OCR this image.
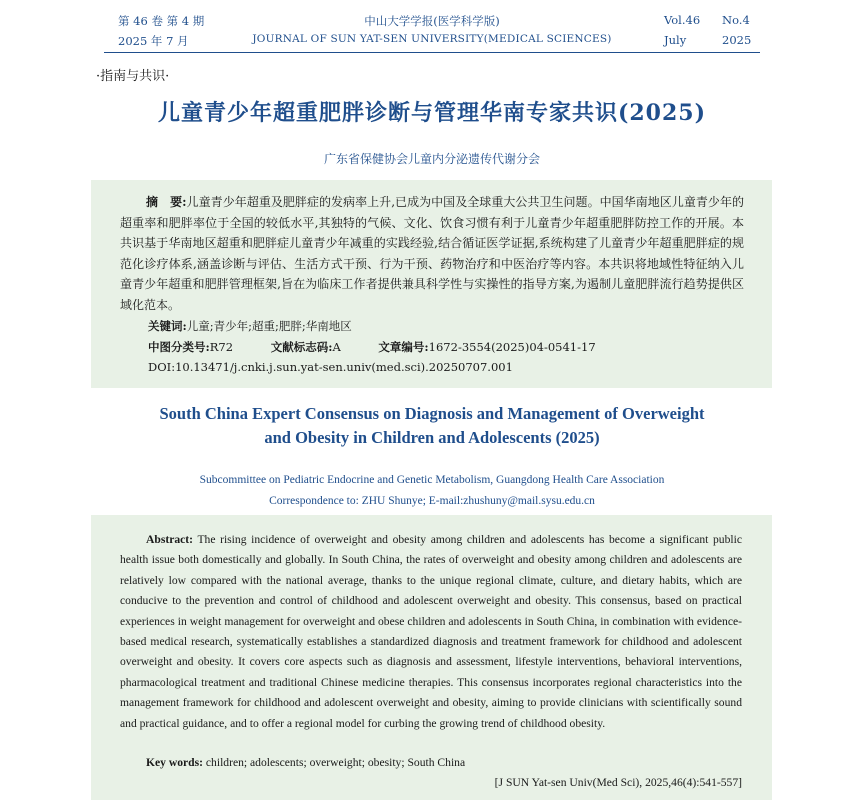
第 46 卷 第 4 期
2025 年 7 月
中山大学学报(医学科学版)
JOURNAL OF SUN YAT-SEN UNIVERSITY(MEDICAL SCIENCES)
Vol.46 No.4
July	2025
·指南与共识·
儿童青少年超重肥胖诊断与管理华南专家共识(2025)
广东省保健协会儿童内分泌遗传代谢分会
摘　要:儿童青少年超重及肥胖症的发病率上升,已成为中国及全球重大公共卫生问题。中国华南地区儿童青少年的超重率和肥胖率位于全国的较低水平,其独特的气候、文化、饮食习惯有利于儿童青少年超重肥胖防控工作的开展。本共识基于华南地区超重和肥胖症儿童青少年减重的实践经验,结合循证医学证据,系统构建了儿童青少年超重肥胖症的规范化诊疗体系,涵盖诊断与评估、生活方式干预、行为干预、药物治疗和中医治疗等内容。本共识将地域性特征纳入儿童青少年超重和肥胖管理框架,旨在为临床工作者提供兼具科学性与实操性的指导方案,为遏制儿童肥胖流行趋势提供区域化范本。
关键词:儿童;青少年;超重;肥胖;华南地区
中图分类号:R72	文献标志码:A	文章编号:1672-3554(2025)04-0541-17
DOI:10.13471/j.cnki.j.sun.yat-sen.univ(med.sci).20250707.001
South China Expert Consensus on Diagnosis and Management of Overweight
and Obesity in Children and Adolescents (2025)
Subcommittee on Pediatric Endocrine and Genetic Metabolism, Guangdong Health Care Association
Correspondence to: ZHU Shunye; E-mail:zhushuny@mail.sysu.edu.cn
Abstract: The rising incidence of overweight and obesity among children and adolescents has become a significant public health issue both domestically and globally. In South China, the rates of overweight and obesity among children and adolescents are relatively low compared with the national average, thanks to the unique regional climate, culture, and dietary habits, which are conducive to the prevention and control of childhood and adolescent overweight and obesity. This consensus, based on practical experiences in weight management for overweight and obese children and adolescents in South China, in combination with evidence-based medical research, systematically establishes a standardized diagnosis and treatment framework for childhood and adolescent overweight and obesity. It covers core aspects such as diagnosis and assessment, lifestyle interventions, behavioral interventions, pharmacological treatment and traditional Chinese medicine therapies. This consensus incorporates regional characteristics into the management framework for childhood and adolescent overweight and obesity, aiming to provide clinicians with scientifically sound and practical guidance, and to offer a regional model for curbing the growing trend of childhood obesity.
Key words: children; adolescents; overweight; obesity; South China
[J SUN Yat-sen Univ(Med Sci), 2025,46(4):541-557]
